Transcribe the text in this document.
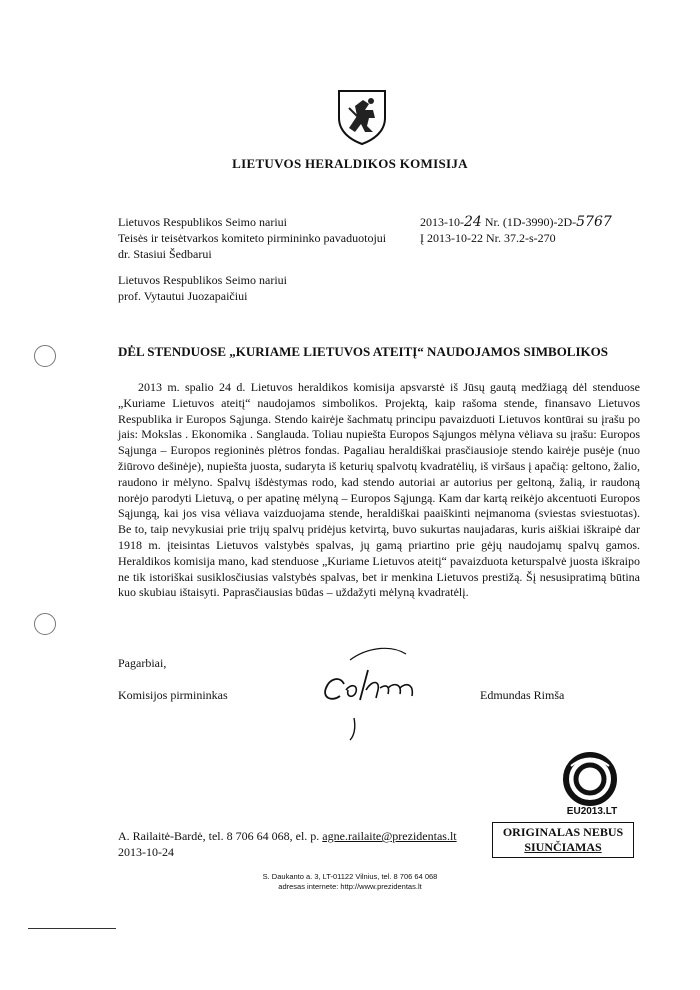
LIETUVOS HERALDIKOS KOMISIJA
Lietuvos Respublikos Seimo nariui
Teisės ir teisėtvarkos komiteto pirmininko pavaduotojui
dr. Stasiui Šedbarui
Lietuvos Respublikos Seimo nariui
prof. Vytautui Juozapaičiui
2013-10-24 Nr. (1D-3990)-2D-5767
Į 2013-10-22 Nr. 37.2-s-270
DĖL STENDUOSE „KURIAME LIETUVOS ATEITĮ“ NAUDOJAMOS SIMBOLIKOS

2013 m. spalio 24 d. Lietuvos heraldikos komisija apsvarstė iš Jūsų gautą medžiagą dėl stenduose „Kuriame Lietuvos ateitį“ naudojamos simbolikos. Projektą, kaip rašoma stende, finansavo Lietuvos Respublika ir Europos Sąjunga. Stendo kairėje šachmatų principu pavaizduoti Lietuvos kontūrai su įrašu po jais: Mokslas . Ekonomika . Sanglauda. Toliau nupiešta Europos Sąjungos mėlyna vėliava su įrašu: Europos Sąjunga – Europos regioninės plėtros fondas. Pagaliau heraldiškai prasčiausioje stendo kairėje pusėje (nuo žiūrovo dešinėje), nupiešta juosta, sudaryta iš keturių spalvotų kvadratėlių, iš viršaus į apačią: geltono, žalio, raudono ir mėlyno. Spalvų išdėstymas rodo, kad stendo autoriai ar autorius per geltoną, žalią, ir raudoną norėjo parodyti Lietuvą, o per apatinę mėlyną – Europos Sąjungą. Kam dar kartą reikėjo akcentuoti Europos Sąjungą, kai jos visa vėliava vaizduojama stende, heraldiškai paaiškinti neįmanoma (sviestas sviestuotas). Be to, taip nevykusiai prie trijų spalvų pridėjus ketvirtą, buvo sukurtas naujadaras, kuris aiškiai iškraipė dar 1918 m. įteisintas Lietuvos valstybės spalvas, jų gamą priartino prie gėjų naudojamų spalvų gamos. Heraldikos komisija mano, kad stenduose „Kuriame Lietuvos ateitį“ pavaizduota keturspalvė juosta iškraipo ne tik istoriškai susiklosčiusias valstybės spalvas, bet ir menkina Lietuvos prestižą. Šį nesusipratimą būtina kuo skubiau ištaisyti. Paprasčiausias būdas – uždažyti mėlyną kvadratėlį.

Pagarbiai,
Komisijos pirmininkas	Edmundas Rimša
EU2013.LT
A. Railaitė-Bardė, tel. 8 706 64 068, el. p. agne.railaite@prezidentas.lt
2013-10-24
ORIGINALAS NEBUS
SIUNČIAMAS
S. Daukanto a. 3, LT-01122 Vilnius, tel. 8 706 64 068
adresas internete: http://www.prezidentas.lt
